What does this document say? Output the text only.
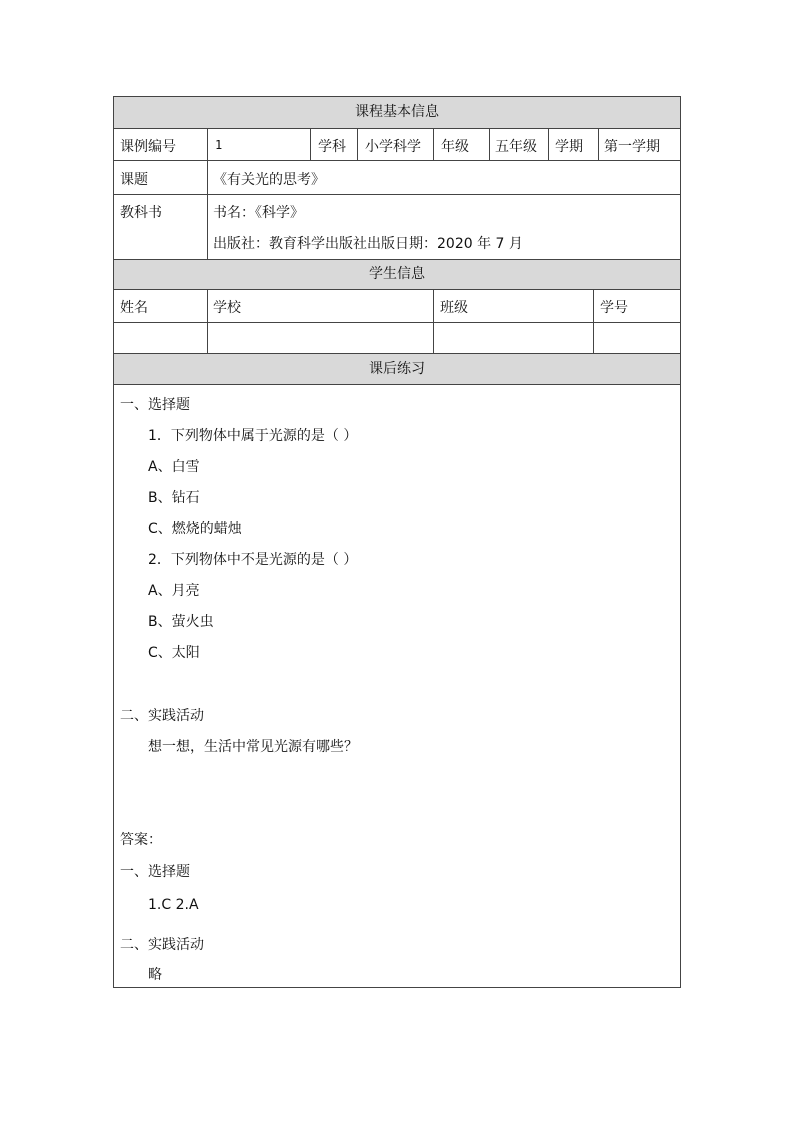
课程基本信息
课例编号	1	学科 小学科学 年级 五年级 学期 第一学期
课题	《有关光的思考》
教科书	书名：《科学》
出版社：教育科学出版社出版日期：2020 年 7 月
学生信息
姓名	学校	班级	学号
课后练习
一、选择题
1．下列物体中属于光源的是（ ）
A、白雪
B、钻石
C、燃烧的蜡烛
2．下列物体中不是光源的是（ ）
A、月亮
B、萤火虫
C、太阳
二、实践活动
想一想，生活中常见光源有哪些？
答案：
一、选择题
1.C 2.A
二、实践活动
略
